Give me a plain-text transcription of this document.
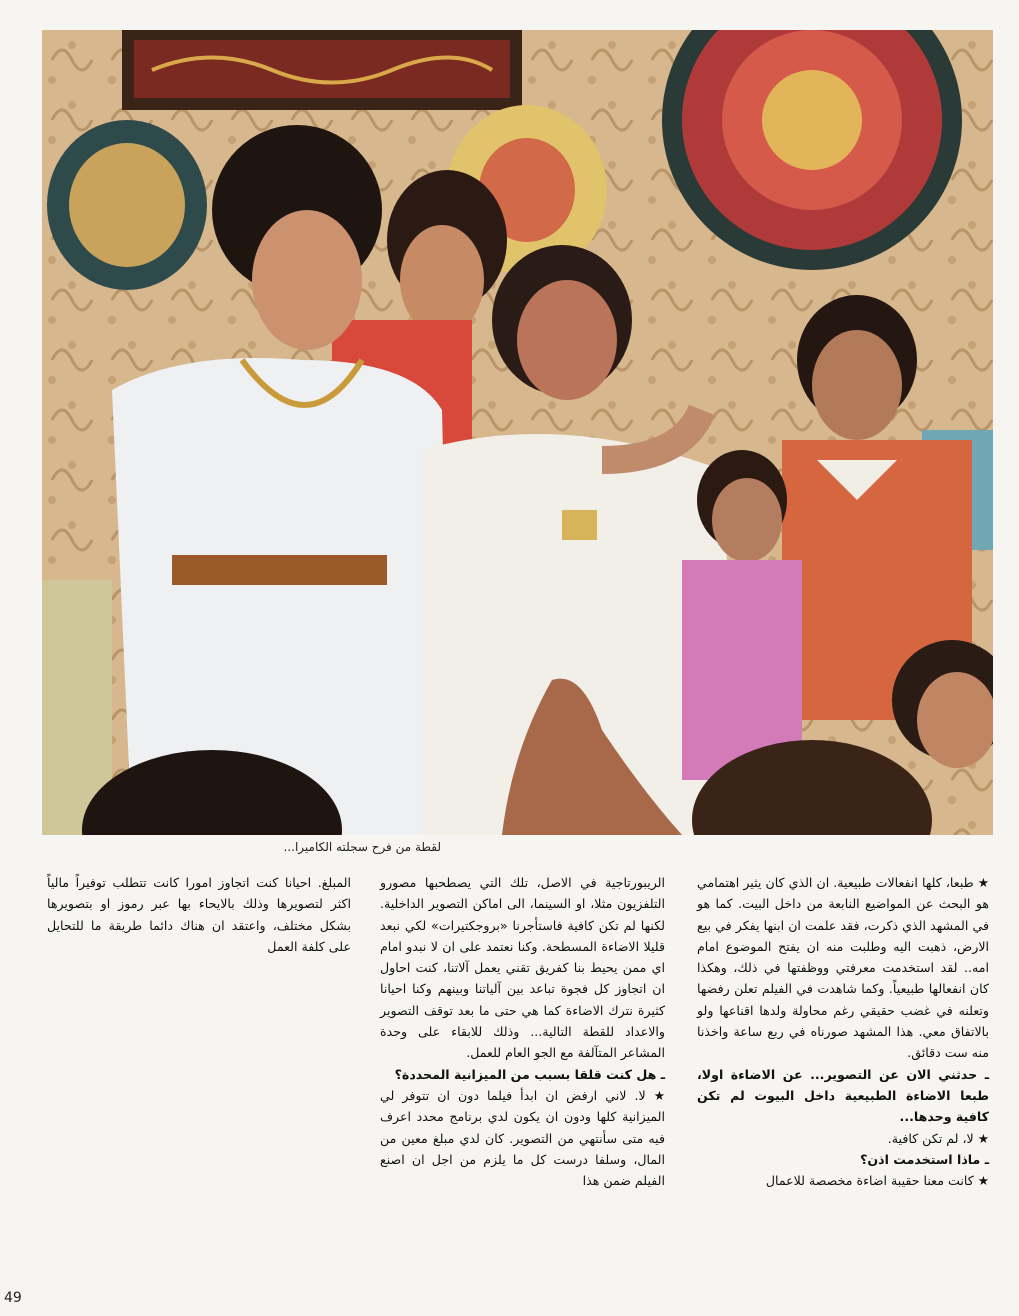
لقطة من فرح سجلته الكاميرا...

★ طبعا، كلها انفعالات طبيعية. ان الذي كان يثير اهتمامي هو البحث عن المواضيع النابعة من داخل البيت. كما هو في المشهد الذي ذكرت، فقد علمت ان ابنها يفكر في بيع الارض، ذهبت اليه وطلبت منه ان يفتح الموضوع امام امه.. لقد استخدمت معرفتي ووظفتها في ذلك، وهكذا كان انفعالها طبيعياً. وكما شاهدت في الفيلم تعلن رفضها وتعلنه في غضب حقيقي رغم محاولة ولدها اقناعها ولو بالاتفاق معي. هذا المشهد صورناه في ربع ساعة واخذنا منه ست دقائق.

ـ حدثني الان عن التصوير... عن الاضاءة اولا، طبعا الاضاءة الطبيعية داخل البيوت لم تكن كافية وحدها...

★ لا، لم تكن كافية.

ـ ماذا استخدمت اذن؟

★ كانت معنا حقيبة اضاءة مخصصة للاعمال

الريبورتاجية في الاصل، تلك التي يصطحبها مصورو التلفزيون مثلا، او السينما، الى اماكن التصوير الداخلية. لكنها لم تكن كافية فاستأجرنا «بروجكتيرات» لكي نبعد قليلا الاضاءة المسطحة. وكنا نعتمد على ان لا نبدو امام اي ممن يحيط بنا كفريق تقني يعمل آلاتنا، كنت احاول ان اتجاوز كل فجوة تباعد بين آلياتنا وبينهم وكنا احيانا كثيرة نترك الاضاءة كما هي حتى ما بعد توقف التصوير والاعداد للقطة التالية... وذلك للابقاء على وحدة المشاعر المتآلفة مع الجو العام للعمل.

ـ هل كنت قلقا بسبب من الميزانية المحددة؟

★ لا. لاني ارفض ان ابدأ فيلما دون ان تتوفر لي الميزانية كلها ودون ان يكون لدي برنامج محدد اعرف فيه متى سأنتهي من التصوير. كان لدي مبلغ معين من المال، وسلفا درست كل ما يلزم من اجل ان اصنع الفيلم ضمن هذا

المبلغ. احيانا كنت اتجاوز امورا كانت تتطلب توفيراً مالياً اكثر لتصويرها وذلك بالايحاء بها عبر رموز او بتصويرها بشكل مختلف، واعتقد ان هناك دائما طريقة ما للتحايل على كلفة العمل

49
